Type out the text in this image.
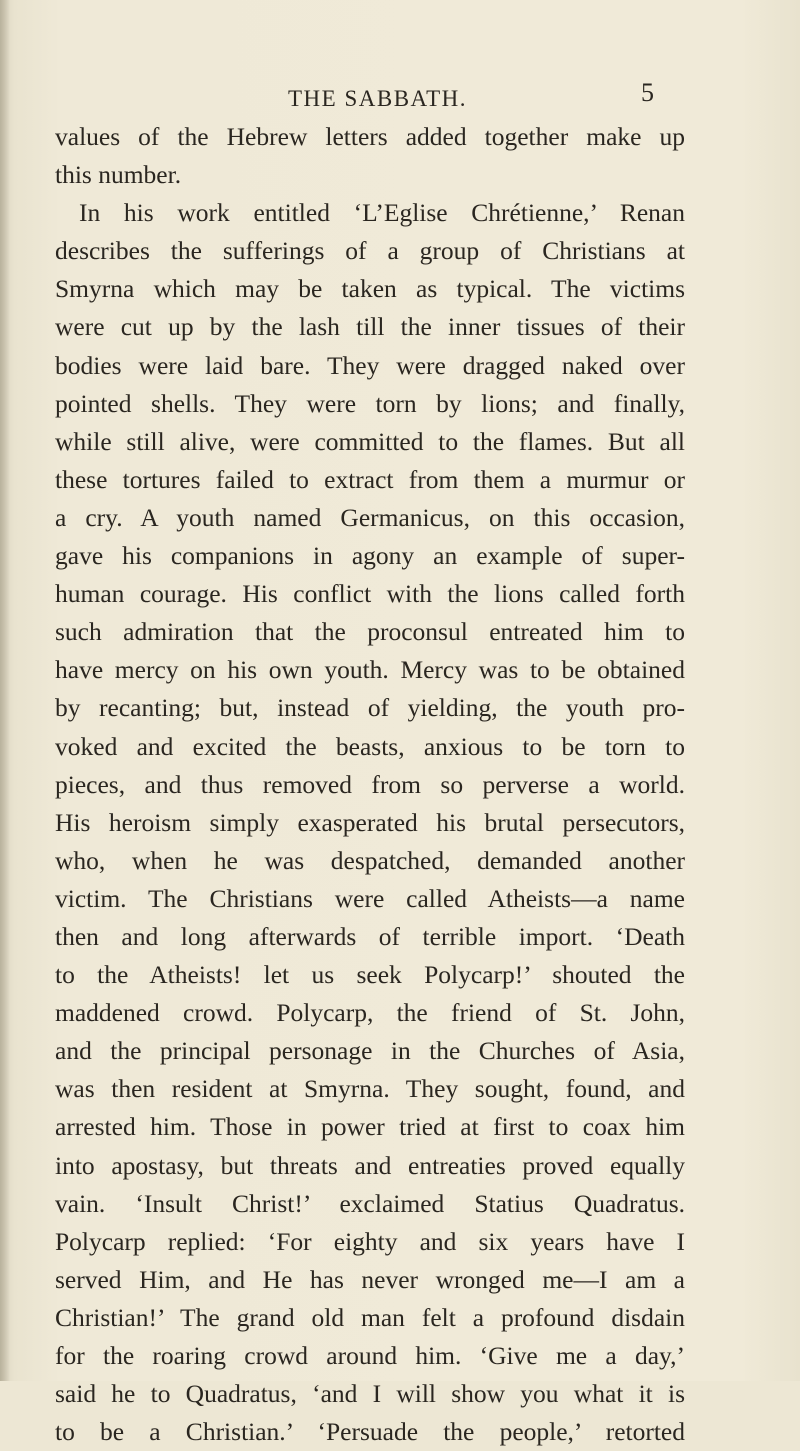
THE SABBATH.	5
values of the Hebrew letters added together make up
this number.
In his work entitled ‘L’Eglise Chrétienne,’ Renan
describes the sufferings of a group of Christians at
Smyrna which may be taken as typical. The victims
were cut up by the lash till the inner tissues of their
bodies were laid bare. They were dragged naked over
pointed shells. They were torn by lions; and finally,
while still alive, were committed to the flames. But all
these tortures failed to extract from them a murmur or
a cry. A youth named Germanicus, on this occasion,
gave his companions in agony an example of super-
human courage. His conflict with the lions called forth
such admiration that the proconsul entreated him to
have mercy on his own youth. Mercy was to be obtained
by recanting; but, instead of yielding, the youth pro-
voked and excited the beasts, anxious to be torn to
pieces, and thus removed from so perverse a world.
His heroism simply exasperated his brutal persecutors,
who, when he was despatched, demanded another
victim. The Christians were called Atheists—a name
then and long afterwards of terrible import. ‘Death
to the Atheists! let us seek Polycarp!’ shouted the
maddened crowd. Polycarp, the friend of St. John,
and the principal personage in the Churches of Asia,
was then resident at Smyrna. They sought, found, and
arrested him. Those in power tried at first to coax him
into apostasy, but threats and entreaties proved equally
vain. ‘Insult Christ!’ exclaimed Statius Quadratus.
Polycarp replied: ‘For eighty and six years have I
served Him, and He has never wronged me—I am a
Christian!’ The grand old man felt a profound disdain
for the roaring crowd around him. ‘Give me a day,’
said he to Quadratus, ‘and I will show you what it is
to be a Christian.’ ‘Persuade the people,’ retorted
